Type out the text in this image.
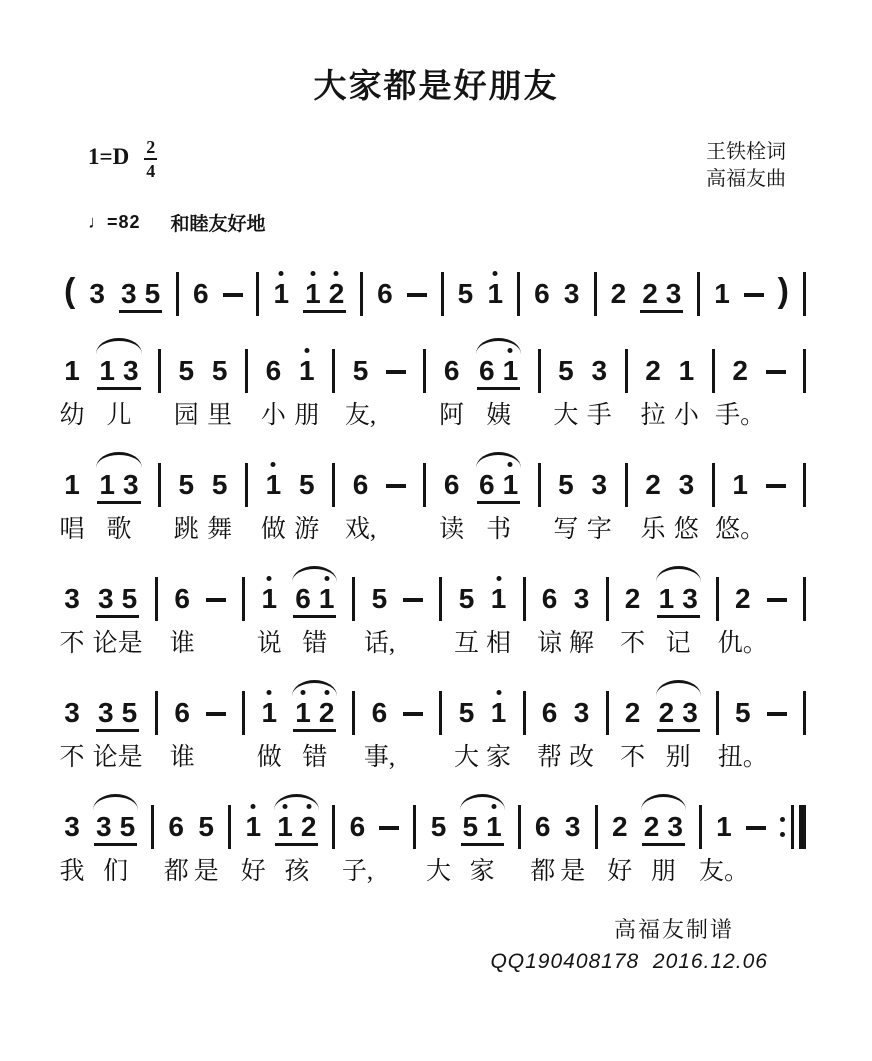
大家都是好朋友
$1=D \frac{2}{4}$	王铁栓词
高福友曲
♩=82 和睦友好地
( 3 3 5 6 1 1 2 6 5 1 6 3 2 2 3 1 )
1
幼
1 3
儿
5
园
5
里
6
小
1
朋
5
友,
6
阿
6 1
姨
5
大
3
手
2
拉
1
小
2
手。
1
唱
1 3
歌
5
跳
5
舞
1
做
5
游
6
戏,
6
读
6 1
书
5
写
3
字
2
乐
3
悠
1
悠。
3
不
3 5
论是
6
谁
1
说
6 1
错
5
话,
5
互
1
相
6
谅
3
解
2
不
1 3
记
2
仇。
3
不
3 5
论是
6
谁
1
做
1 2
错
6
事,
5
大
1
家
6
帮
3
改
2
不
2 3
别
5
扭。
3
我
3 5
们
6
都
5
是
1
好
1 2
孩
6
子,
5
大
5 1
家
6
都
3
是
2
好
2 3
朋
1
友。
高福友制谱
QQ190408178  2016.12.06
